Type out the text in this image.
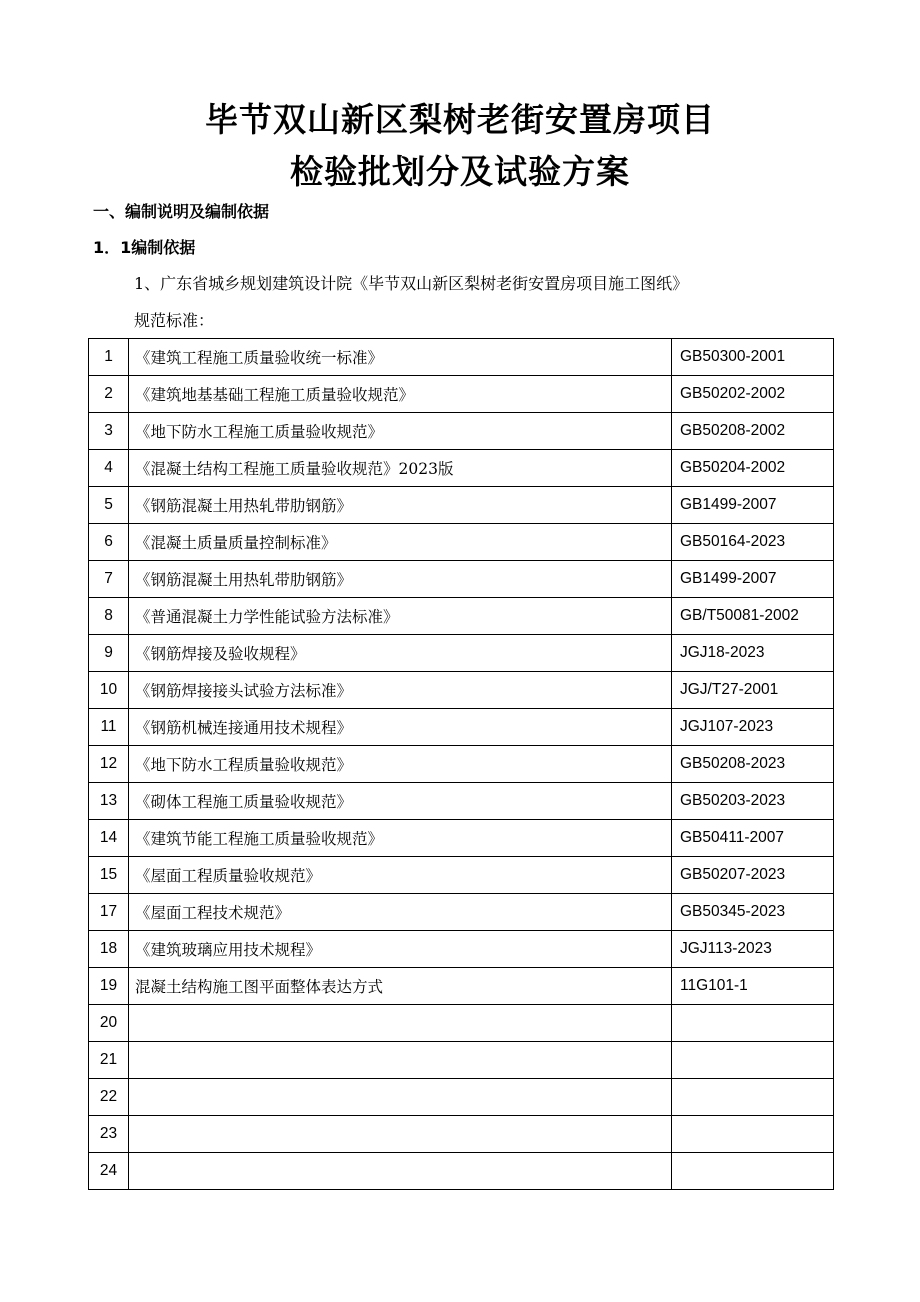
毕节双山新区梨树老街安置房项目
检验批划分及试验方案
一、编制说明及编制依据
1．1编制依据

1、广东省城乡规划建筑设计院《毕节双山新区梨树老街安置房项目施工图纸》

规范标准：

1	《建筑工程施工质量验收统一标准》	GB50300-2001
2	《建筑地基基础工程施工质量验收规范》	GB50202-2002
3	《地下防水工程施工质量验收规范》	GB50208-2002
4	《混凝土结构工程施工质量验收规范》2023版	GB50204-2002
5	《钢筋混凝土用热轧带肋钢筋》	GB1499-2007
6	《混凝土质量质量控制标准》	GB50164-2023
7	《钢筋混凝土用热轧带肋钢筋》	GB1499-2007
8	《普通混凝土力学性能试验方法标准》	GB/T50081-2002
9	《钢筋焊接及验收规程》	JGJ18-2023
10	《钢筋焊接接头试验方法标准》	JGJ/T27-2001
11	《钢筋机械连接通用技术规程》	JGJ107-2023
12	《地下防水工程质量验收规范》	GB50208-2023
13	《砌体工程施工质量验收规范》	GB50203-2023
14	《建筑节能工程施工质量验收规范》	GB50411-2007
15	《屋面工程质量验收规范》	GB50207-2023
17	《屋面工程技术规范》	GB50345-2023
18	《建筑玻璃应用技术规程》	JGJ113-2023
19	混凝土结构施工图平面整体表达方式	11G101-1
20		
21		
22		
23		
24		
